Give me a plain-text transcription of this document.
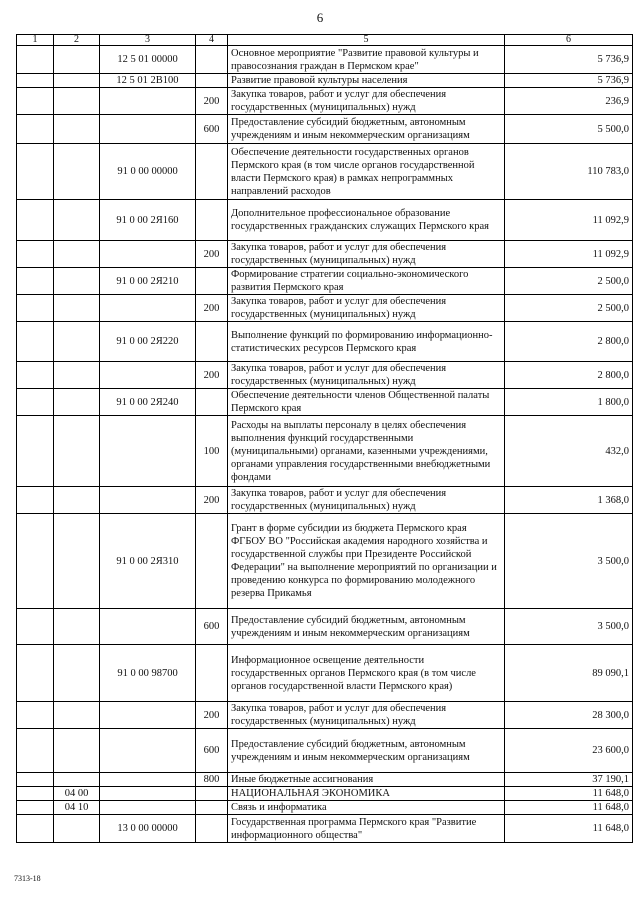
6
1	2	3	4	5	6
		12 5 01 00000		Основное мероприятие "Развитие правовой культуры и правосознания граждан в Пермском крае"	5 736,9
		12 5 01 2В100		Развитие правовой культуры населения	5 736,9
			200	Закупка товаров, работ и услуг для обеспечения государственных (муниципальных) нужд	236,9
			600	Предоставление субсидий бюджетным, автономным учреждениям и иным некоммерческим организациям	5 500,0
		91 0 00 00000		Обеспечение деятельности государственных органов Пермского края (в том числе органов государственной власти Пермского края) в рамках непрограммных направлений расходов	110 783,0
		91 0 00 2Я160		Дополнительное профессиональное образование государственных гражданских служащих Пермского края	11 092,9
			200	Закупка товаров, работ и услуг для обеспечения государственных (муниципальных) нужд	11 092,9
		91 0 00 2Я210		Формирование стратегии социально-экономического развития Пермского края	2 500,0
			200	Закупка товаров, работ и услуг для обеспечения государственных (муниципальных) нужд	2 500,0
		91 0 00 2Я220		Выполнение функций по формированию информационно-статистических ресурсов Пермского края	2 800,0
			200	Закупка товаров, работ и услуг для обеспечения государственных (муниципальных) нужд	2 800,0
		91 0 00 2Я240		Обеспечение деятельности членов Общественной палаты Пермского края	1 800,0
			100	Расходы на выплаты персоналу в целях обеспечения выполнения функций государственными (муниципальными) органами, казенными учреждениями, органами управления государственными внебюджетными фондами	432,0
			200	Закупка товаров, работ и услуг для обеспечения государственных (муниципальных) нужд	1 368,0
		91 0 00 2Я310		Грант в форме субсидии из бюджета Пермского края ФГБОУ ВО "Российская академия народного хозяйства и государственной службы при Президенте Российской Федерации" на выполнение мероприятий по организации и проведению конкурса по формированию молодежного резерва Прикамья	3 500,0
			600	Предоставление субсидий бюджетным, автономным учреждениям и иным некоммерческим организациям	3 500,0
		91 0 00 98700		Информационное освещение деятельности государственных органов Пермского края (в том числе органов государственной власти Пермского края)	89 090,1
			200	Закупка товаров, работ и услуг для обеспечения государственных (муниципальных) нужд	28 300,0
			600	Предоставление субсидий бюджетным, автономным учреждениям и иным некоммерческим организациям	23 600,0
			800	Иные бюджетные ассигнования	37 190,1
	04 00			НАЦИОНАЛЬНАЯ ЭКОНОМИКА	11 648,0
	04 10			Связь и информатика	11 648,0
		13 0 00 00000		Государственная программа Пермского края "Развитие информационного общества"	11 648,0
7313-18
